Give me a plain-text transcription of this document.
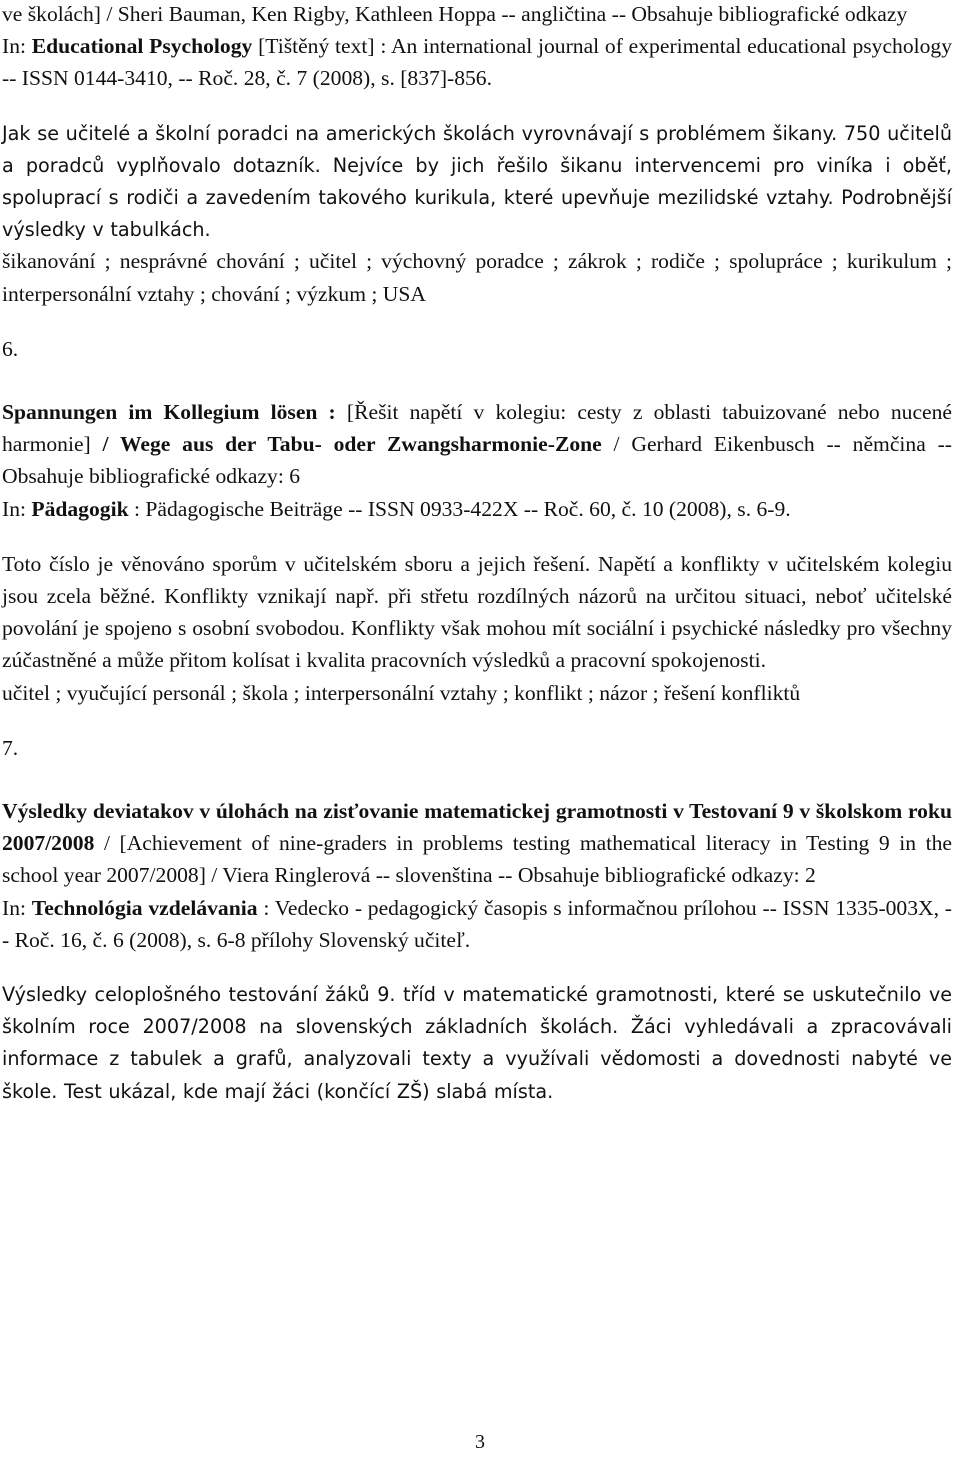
ve školách] / Sheri Bauman, Ken Rigby, Kathleen Hoppa -- angličtina -- Obsahuje bibliografické odkazy
In: Educational Psychology [Tištěný text] : An international journal of experimental educational psychology -- ISSN 0144-3410, -- Roč. 28, č. 7 (2008), s. [837]-856.

Jak se učitelé a školní poradci na amerických školách vyrovnávají s problémem šikany. 750 učitelů a poradců vyplňovalo dotazník. Nejvíce by jich řešilo šikanu intervencemi pro viníka i oběť, spoluprací s rodiči a zavedením takového kurikula, které upevňuje mezilidské vztahy. Podrobnější výsledky v tabulkách.

šikanování ; nesprávné chování ; učitel ; výchovný poradce ; zákrok ; rodiče ; spolupráce ; kurikulum ; interpersonální vztahy ; chování ; výzkum ; USA

6.

Spannungen im Kollegium lösen : [Řešit napětí v kolegiu: cesty z oblasti tabuizované nebo nucené harmonie] / Wege aus der Tabu- oder Zwangsharmonie-Zone / Gerhard Eikenbusch -- němčina -- Obsahuje bibliografické odkazy: 6
In: Pädagogik : Pädagogische Beiträge -- ISSN 0933-422X -- Roč. 60, č. 10 (2008), s. 6-9.

Toto číslo je věnováno sporům v učitelském sboru a jejich řešení. Napětí a konflikty v učitelském kolegiu jsou zcela běžné. Konflikty vznikají např. při střetu rozdílných názorů na určitou situaci, neboť učitelské povolání je spojeno s osobní svobodou. Konflikty však mohou mít sociální i psychické následky pro všechny zúčastněné a může přitom kolísat i kvalita pracovních výsledků a pracovní spokojenosti.

učitel ; vyučující personál ; škola ; interpersonální vztahy ; konflikt ; názor ; řešení konfliktů

7.

Výsledky deviatakov v úlohách na zisťovanie matematickej gramotnosti v Testovaní 9 v školskom roku 2007/2008 / [Achievement of nine-graders in problems testing mathematical literacy in Testing 9 in the school year 2007/2008] / Viera Ringlerová -- slovenština -- Obsahuje bibliografické odkazy: 2
In: Technológia vzdelávania : Vedecko - pedagogický časopis s informačnou prílohou -- ISSN 1335-003X, -- Roč. 16, č. 6 (2008), s. 6-8 přílohy Slovenský učiteľ.

Výsledky celoplošného testování žáků 9. tříd v matematické gramotnosti, které se uskutečnilo ve školním roce 2007/2008 na slovenských základních školách. Žáci vyhledávali a zpracovávali informace z tabulek a grafů, analyzovali texty a využívali vědomosti a dovednosti nabyté ve škole. Test ukázal, kde mají žáci (končící ZŠ) slabá místa.

3
